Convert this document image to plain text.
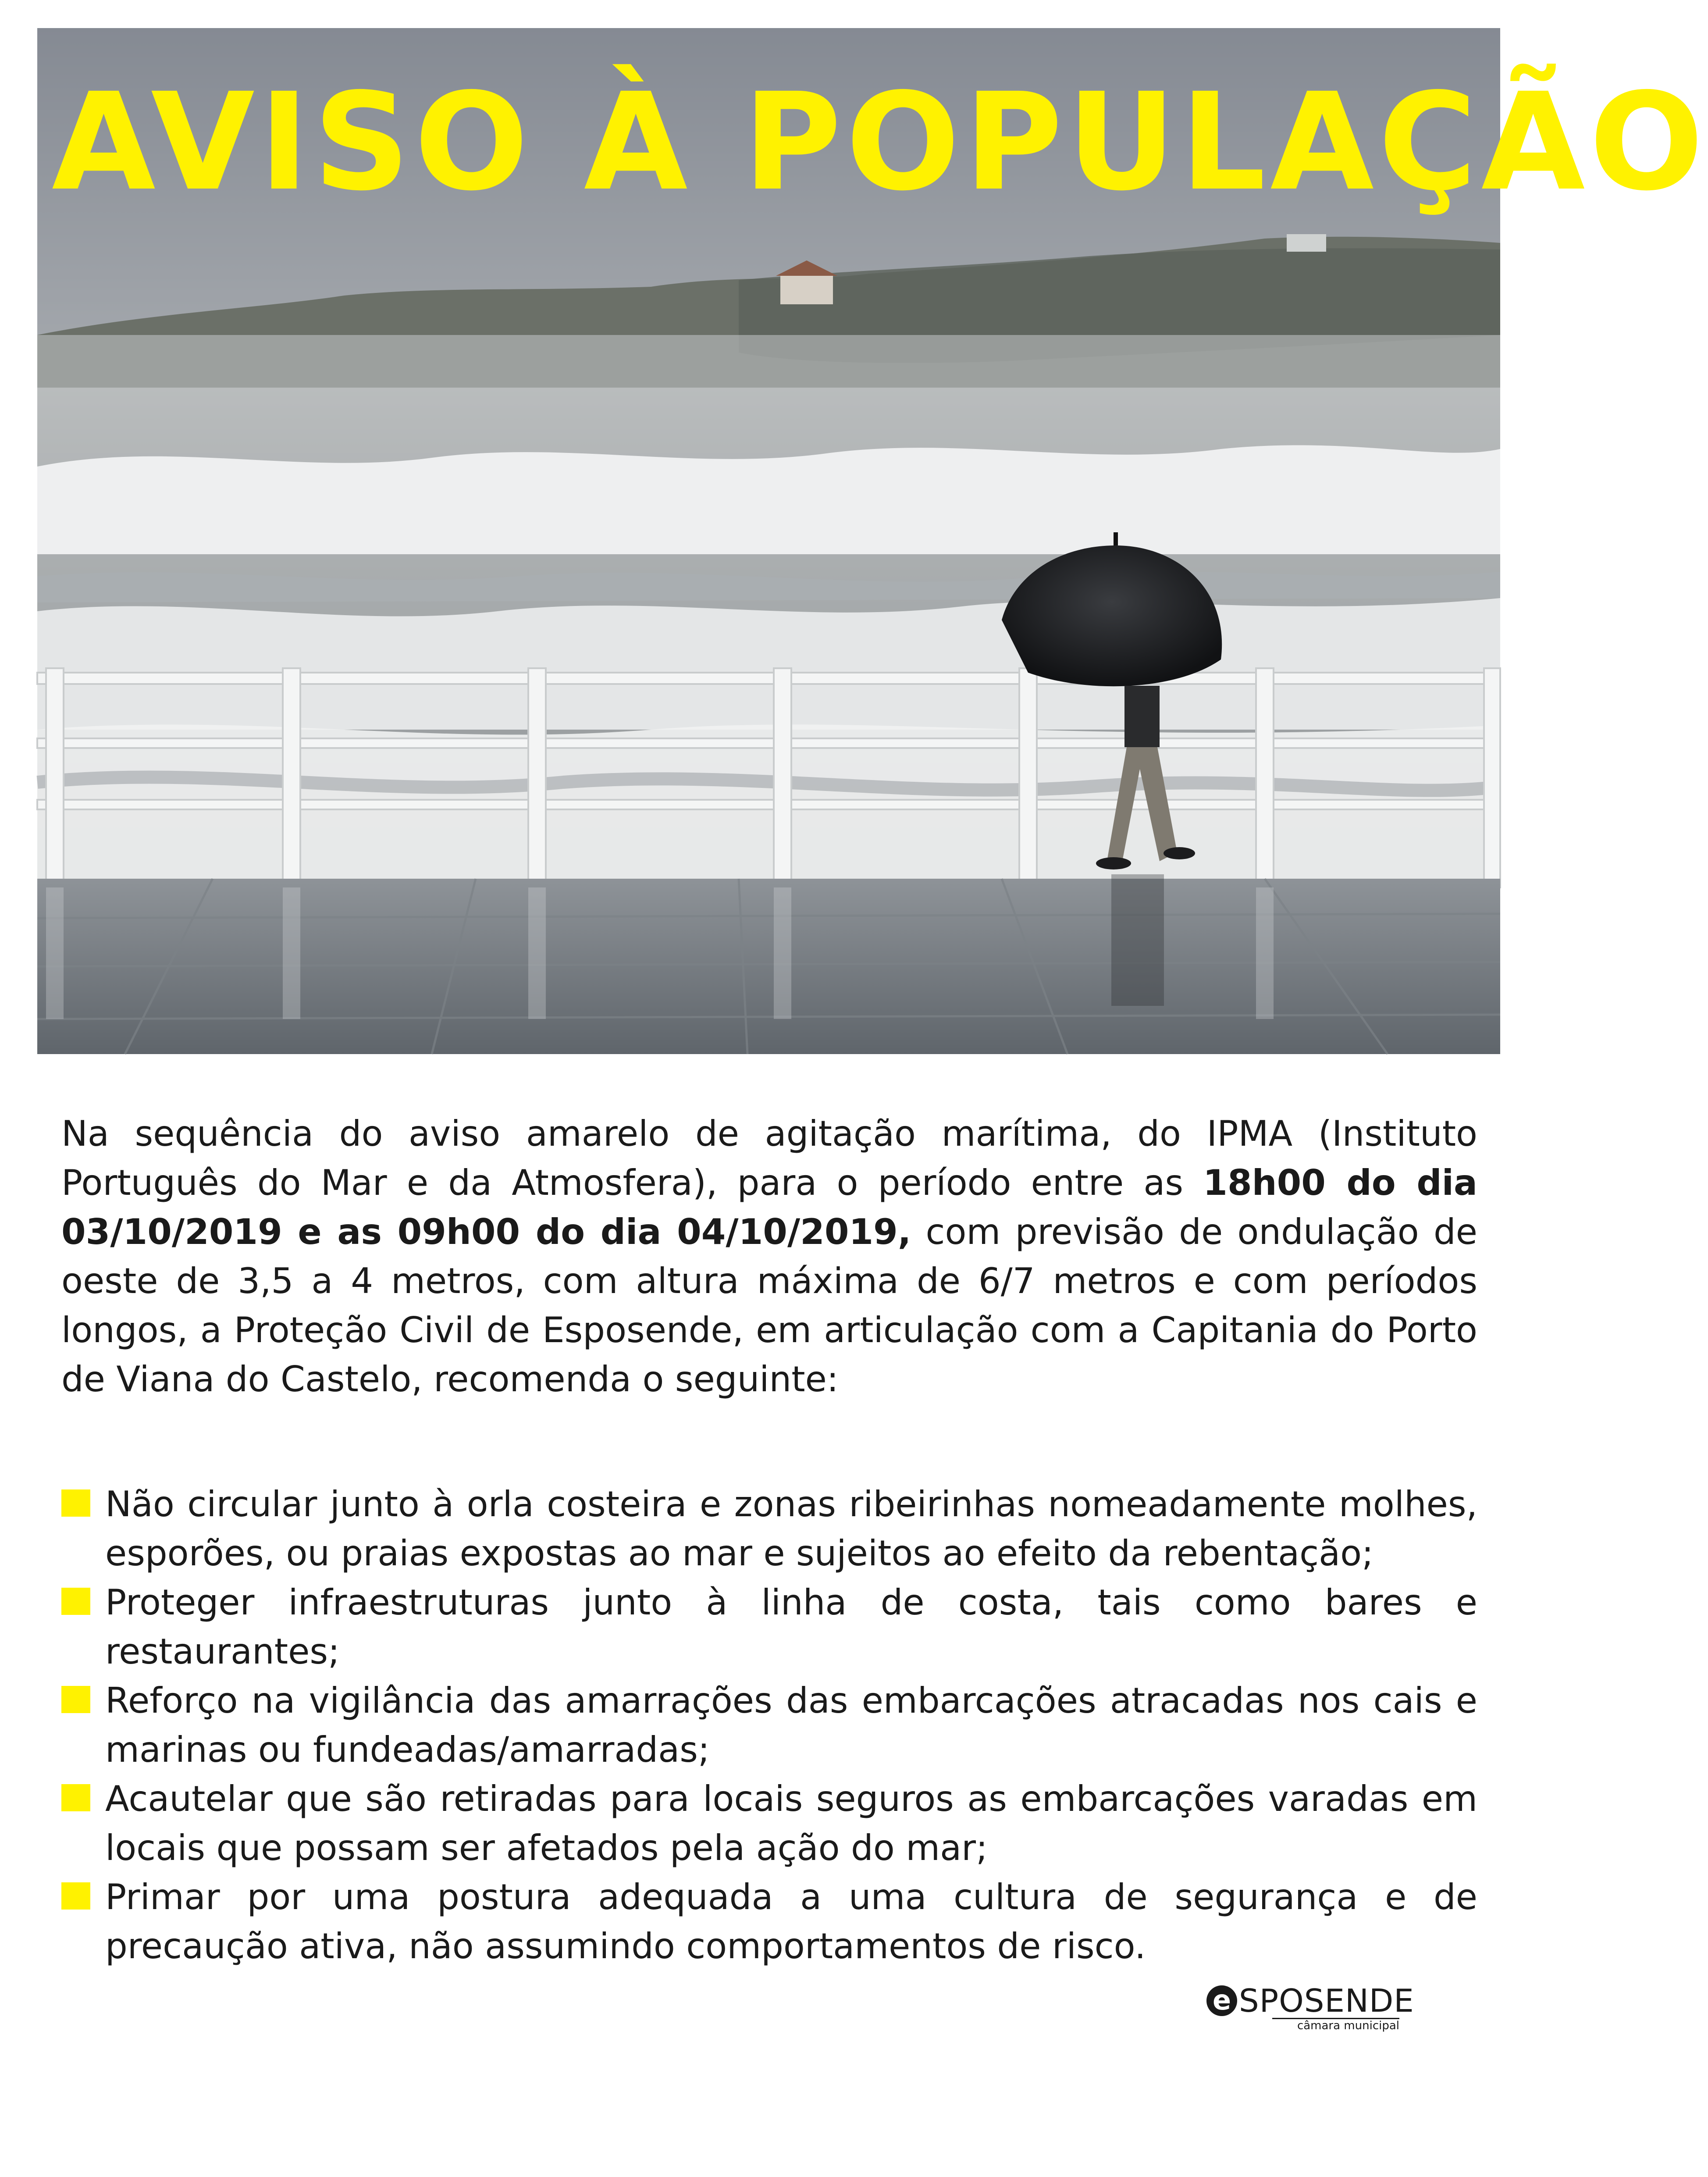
AVISO À POPULAÇÃO

Na sequência do aviso amarelo de agitação marítima, do IPMA (Instituto Português do Mar e da Atmosfera), para o período entre as 18h00 do dia 03/10/2019 e as 09h00 do dia 04/10/2019, com previsão de ondulação de oeste de 3,5 a 4 metros, com altura máxima de 6/7 metros e com períodos longos, a Proteção Civil de Esposende, em articulação com a Capitania do Porto de Viana do Castelo, recomenda o seguinte:

Não circular junto à orla costeira e zonas ribeirinhas nomeadamente molhes, esporões, ou praias expostas ao mar e sujeitos ao efeito da rebentação;
Proteger infraestruturas junto à linha de costa, tais como bares e restaurantes;
Reforço na vigilância das amarrações das embarcações atracadas nos cais e marinas ou fundeadas/amarradas;
Acautelar que são retiradas para locais seguros as embarcações varadas em locais que possam ser afetados pela ação do mar;
Primar por uma postura adequada a uma cultura de segurança e de precaução ativa, não assumindo comportamentos de risco.
e SPOSENDE
câmara municipal
